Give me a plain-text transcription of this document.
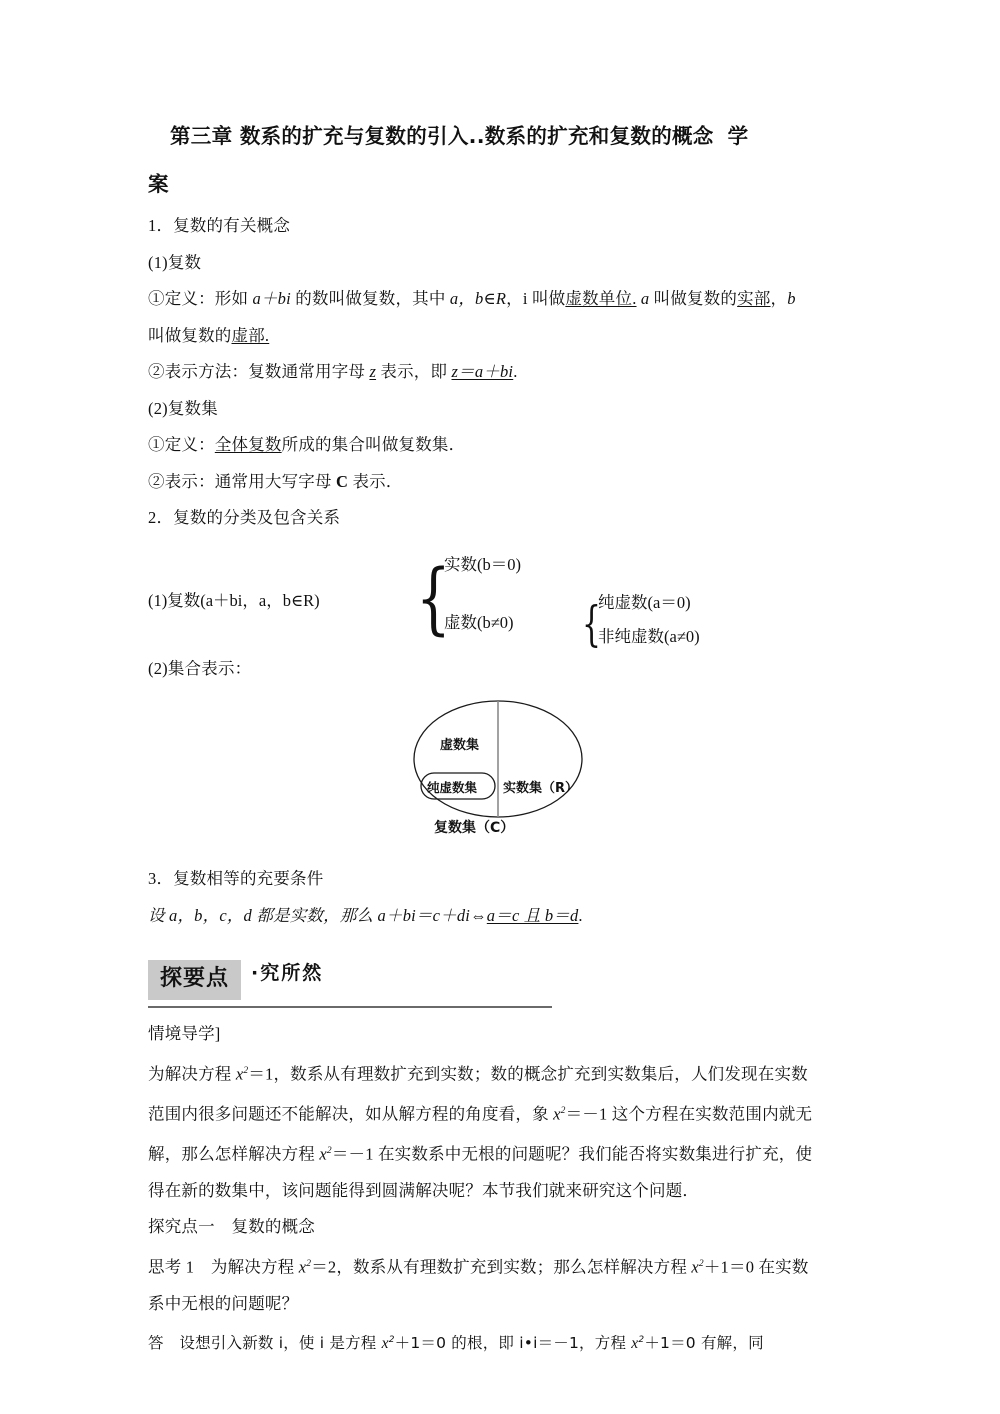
第三章 数系的扩充与复数的引入..数系的扩充和复数的概念 学
案
1．复数的有关概念
(1)复数
①定义：形如 a＋bi 的数叫做复数，其中 a，b∈R，i 叫做虚数单位. a 叫做复数的实部，b
叫做复数的虚部.
②表示方法：复数通常用字母 z 表示，即 z＝a＋bi.
(2)复数集
①定义：全体复数所成的集合叫做复数集．
②表示：通常用大写字母 C 表示．
2．复数的分类及包含关系
(1)复数(a＋bi，a，b∈R) {
实数(b＝0)
虚数(b≠0) {
纯虚数(a＝0)
非纯虚数(a≠0)
(2)集合表示：
虚数集
纯虚数集 实数集（R）
复数集（C）
3．复数相等的充要条件
设 a，b，c，d 都是实数，那么 a＋bi＝c＋di⇔a＝c 且 b＝d.
探要点 ·究所然
情境导学]
为解决方程 $x^2=1$，数系从有理数扩充到实数；数的概念扩充到实数集后，人们发现在实数
范围内很多问题还不能解决，如从解方程的角度看，象 $x^2=-1$ 这个方程在实数范围内就无
解，那么怎样解决方程 $x^2=-1$ 在实数系中无根的问题呢？我们能否将实数集进行扩充，使
得在新的数集中，该问题能得到圆满解决呢？本节我们就来研究这个问题．
探究点一　复数的概念
思考 1　为解决方程 $x^2=2$，数系从有理数扩充到实数；那么怎样解决方程 $x^2+1=0$ 在实数
系中无根的问题呢？
答　设想引入新数 i，使 i 是方程 $x^2+1=0$ 的根，即 i•i＝－1，方程 $x^2+1=0$ 有解，同
